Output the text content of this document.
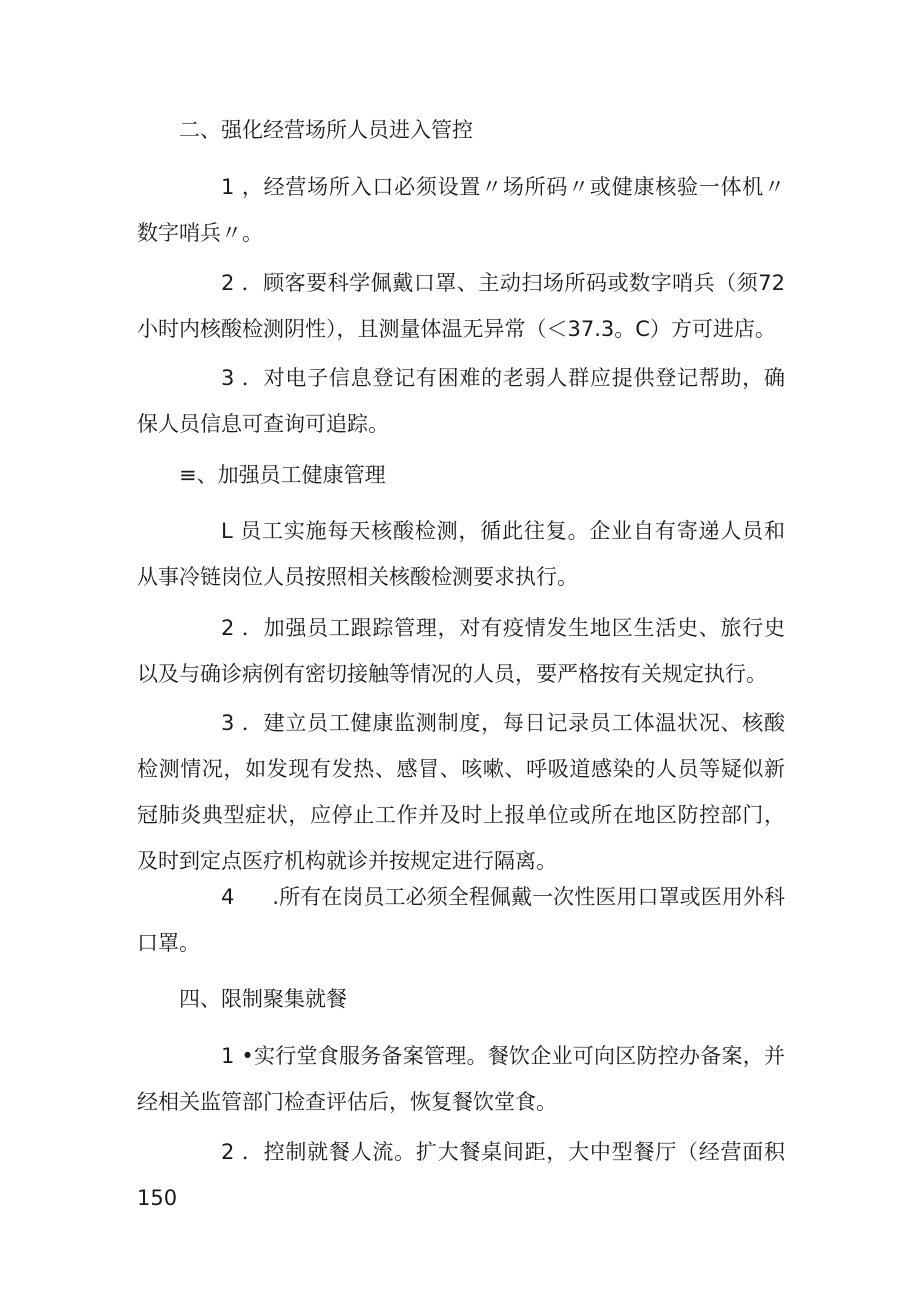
二、强化经营场所人员进入管控

1 ，经营场所入口必须设置〃场所码〃或健康核验一体机〃数字哨兵〃。

2 ．顾客要科学佩戴口罩、主动扫场所码或数字哨兵（须72小时内核酸检测阴性），且测量体温无异常（＜37.3。C）方可进店。

3 ．对电子信息登记有困难的老弱人群应提供登记帮助，确保人员信息可查询可追踪。

≡、加强员工健康管理

L 员工实施每天核酸检测，循此往复。企业自有寄递人员和从事冷链岗位人员按照相关核酸检测要求执行。

2 ．加强员工跟踪管理，对有疫情发生地区生活史、旅行史以及与确诊病例有密切接触等情况的人员，要严格按有关规定执行。

3 ．建立员工健康监测制度，每日记录员工体温状况、核酸检测情况，如发现有发热、感冒、咳嗽、呼吸道感染的人员等疑似新冠肺炎典型症状，应停止工作并及时上报单位或所在地区防控部门，及时到定点医疗机构就诊并按规定进行隔离。

4 .所有在岗员工必须全程佩戴一次性医用口罩或医用外科口罩。

四、限制聚集就餐

1 •实行堂食服务备案管理。餐饮企业可向区防控办备案，并经相关监管部门检查评估后，恢复餐饮堂食。

2 ．控制就餐人流。扩大餐桌间距，大中型餐厅（经营面积150
